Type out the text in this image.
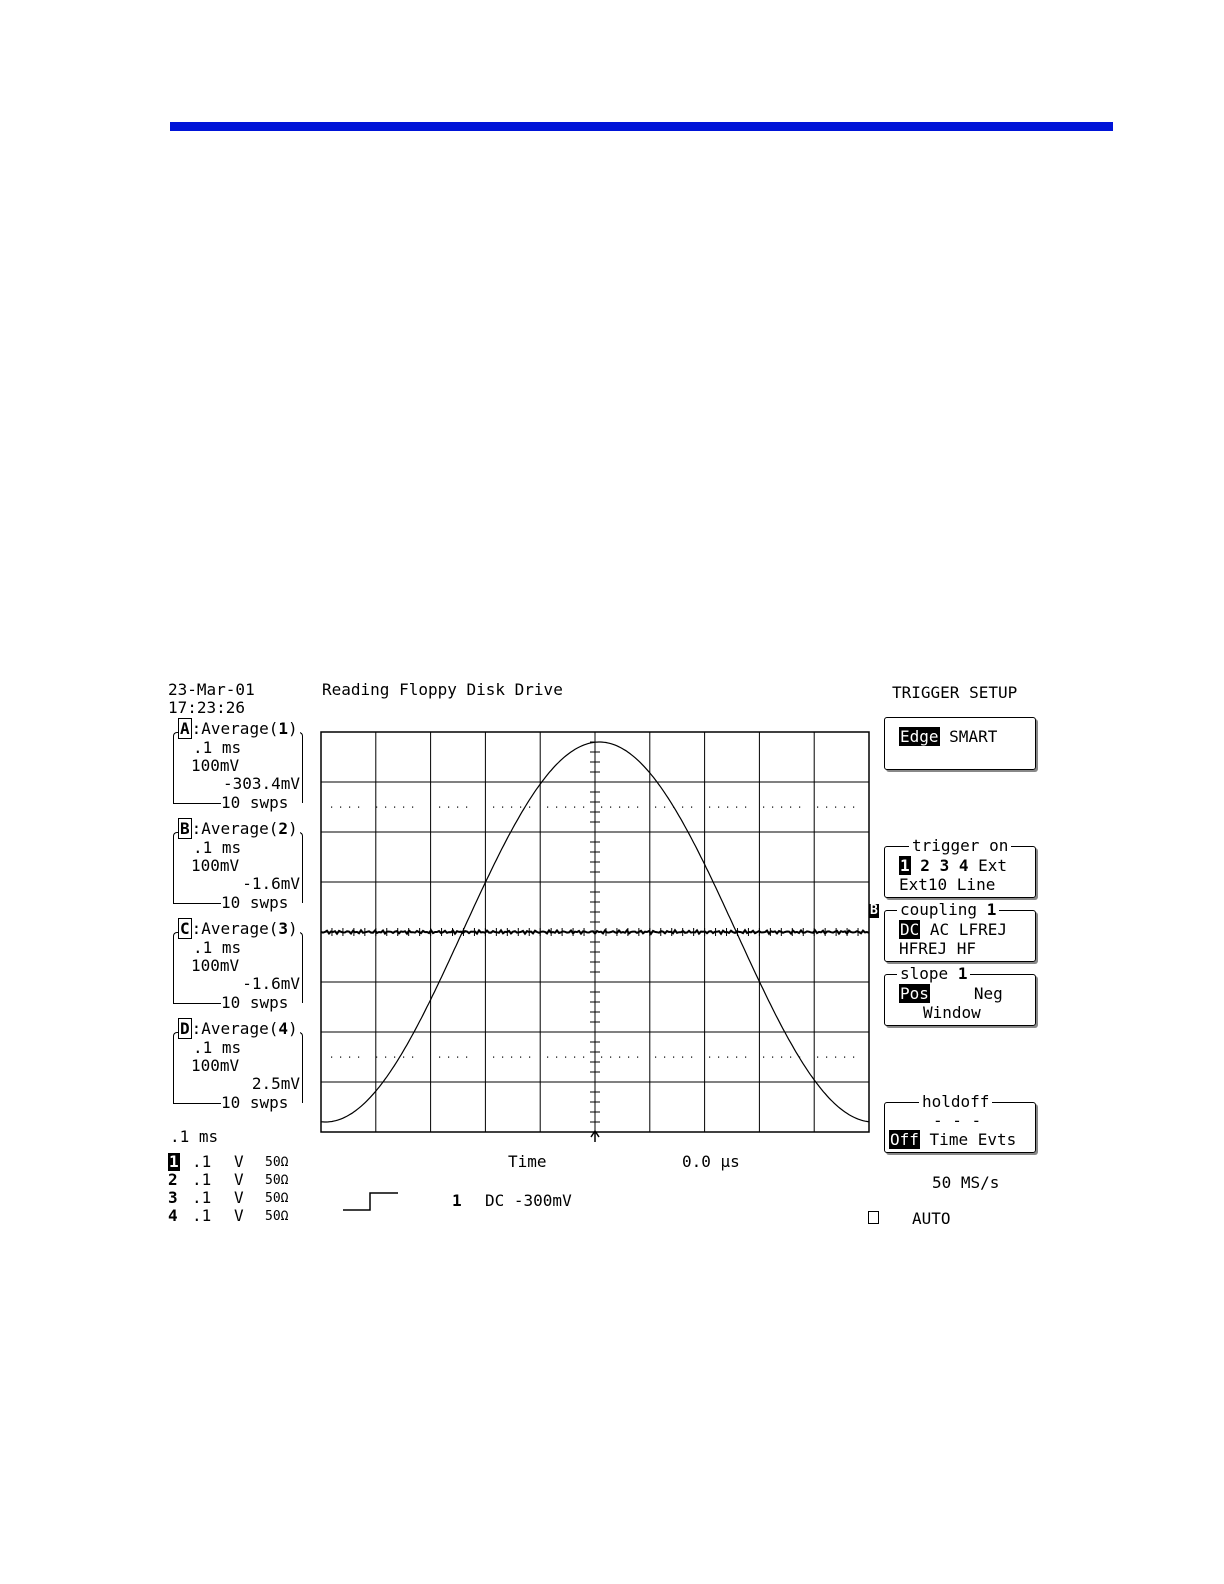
23-Mar-01
17:23:26
Reading Floppy Disk Drive	TRIGGER SETUP
A :Average(1)
.1 ms
100mV
-303.4mV
10 swps
B :Average(2)
.1 ms
100mV
-1.6mV
10 swps
C :Average(3)
.1 ms
100mV
-1.6mV
10 swps
D :Average(4)
.1 ms
100mV
2.5mV
10 swps
.1 ms
1 .1 V 50Ω
2 .1 V 50Ω
3 .1 V 50Ω
4 .1 V 50Ω
B
Time	0.0 µs
1 DC -300mV
50 MS/s
AUTO
Edge SMART
trigger on
1 2 3 4 Ext
Ext10 Line
coupling 1
DC AC LFREJ
HFREJ HF
slope 1
Pos	Neg
Window
holdoff
- - -
Off Time Evts
